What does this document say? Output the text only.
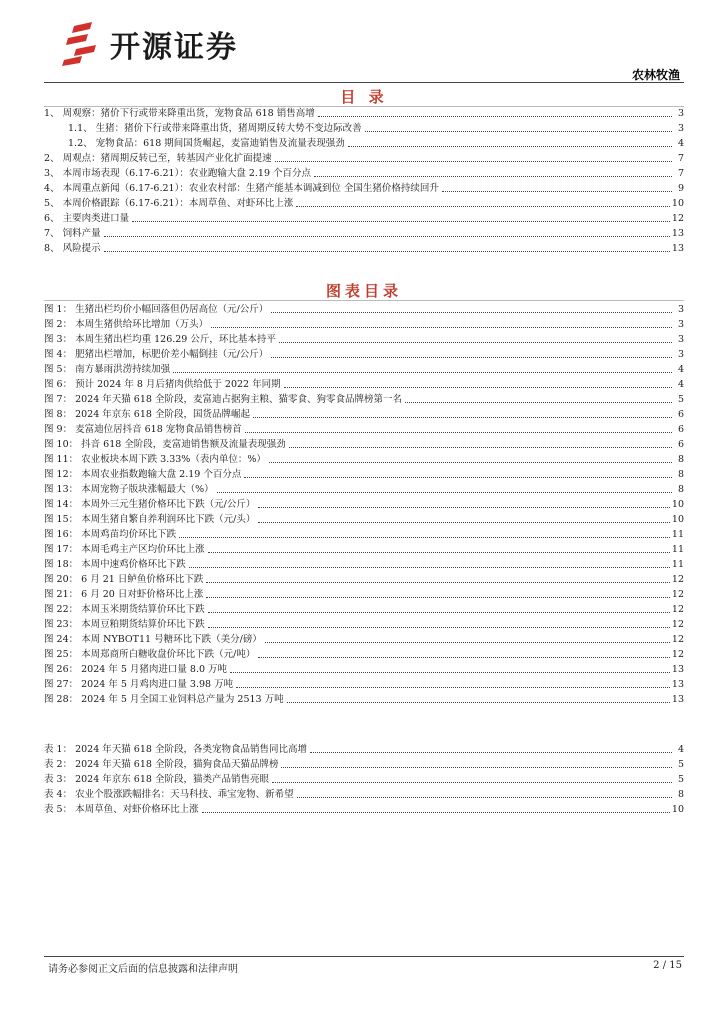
开源证券
农林牧渔
目 录
1、 周观察：猪价下行或带来降重出货，宠物食品 618 销售高增	3
1.1、 生猪：猪价下行或带来降重出货，猪周期反转大势不变边际改善	3
1.2、 宠物食品：618 期间国货崛起，麦富迪销售及流量表现强劲	4
2、 周观点：猪周期反转已至，转基因产业化扩面提速	7
3、 本周市场表现（6.17-6.21）：农业跑输大盘 2.19 个百分点	7
4、 本周重点新闻（6.17-6.21）：农业农村部：生猪产能基本调减到位 全国生猪价格持续回升	9
5、 本周价格跟踪（6.17-6.21）：本周草鱼、对虾环比上涨	10
6、 主要肉类进口量	12
7、 饲料产量	13
8、 风险提示	13
图表目录
图 1： 生猪出栏均价小幅回落但仍居高位（元/公斤）	3
图 2： 本周生猪供给环比增加（万头）	3
图 3： 本周生猪出栏均重 126.29 公斤，环比基本持平	3
图 4： 肥猪出栏增加，标肥价差小幅倒挂（元/公斤）	3
图 5： 南方暴雨洪涝持续加强	4
图 6： 预计 2024 年 8 月后猪肉供给低于 2022 年同期	4
图 7： 2024 年天猫 618 全阶段，麦富迪占据狗主粮、猫零食、狗零食品牌榜第一名	5
图 8： 2024 年京东 618 全阶段，国货品牌崛起	6
图 9： 麦富迪位居抖音 618 宠物食品销售榜首	6
图 10： 抖音 618 全阶段，麦富迪销售额及流量表现强劲	6
图 11： 农业板块本周下跌 3.33%（表内单位：%）	8
图 12： 本周农业指数跑输大盘 2.19 个百分点	8
图 13： 本周宠物子版块涨幅最大（%）	8
图 14： 本周外三元生猪价格环比下跌（元/公斤）	10
图 15： 本周生猪自繁自养利润环比下跌（元/头）	10
图 16： 本周鸡苗均价环比下跌	11
图 17： 本周毛鸡主产区均价环比上涨	11
图 18： 本周中速鸡价格环比下跌	11
图 20： 6 月 21 日鲈鱼价格环比下跌	12
图 21： 6 月 20 日对虾价格环比上涨	12
图 22： 本周玉米期货结算价环比下跌	12
图 23： 本周豆粕期货结算价环比下跌	12
图 24： 本周 NYBOT11 号糖环比下跌（美分/磅）	12
图 25： 本周郑商所白糖收盘价环比下跌（元/吨）	12
图 26： 2024 年 5 月猪肉进口量 8.0 万吨	13
图 27： 2024 年 5 月鸡肉进口量 3.98 万吨	13
图 28： 2024 年 5 月全国工业饲料总产量为 2513 万吨	13
表 1： 2024 年天猫 618 全阶段，各类宠物食品销售同比高增	4
表 2： 2024 年天猫 618 全阶段，猫狗食品天猫品牌榜	5
表 3： 2024 年京东 618 全阶段，猫类产品销售亮眼	5
表 4： 农业个股涨跌幅排名：天马科技、乖宝宠物、新希望	8
表 5： 本周草鱼、对虾价格环比上涨	10
请务必参阅正文后面的信息披露和法律声明	2 / 15
